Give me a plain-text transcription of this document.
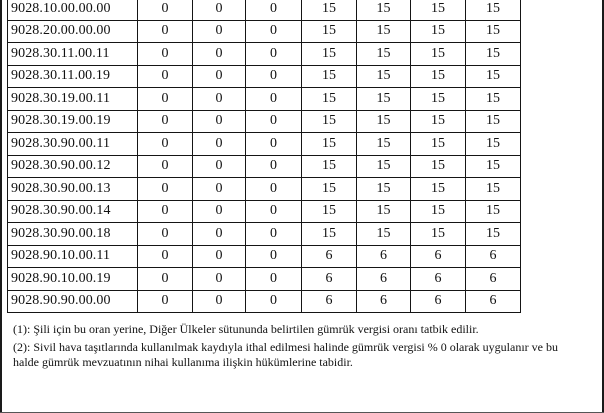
9028.10.00.00.00	0	0	0	15	15	15	15
9028.20.00.00.00	0	0	0	15	15	15	15
9028.30.11.00.11	0	0	0	15	15	15	15
9028.30.11.00.19	0	0	0	15	15	15	15
9028.30.19.00.11	0	0	0	15	15	15	15
9028.30.19.00.19	0	0	0	15	15	15	15
9028.30.90.00.11	0	0	0	15	15	15	15
9028.30.90.00.12	0	0	0	15	15	15	15
9028.30.90.00.13	0	0	0	15	15	15	15
9028.30.90.00.14	0	0	0	15	15	15	15
9028.30.90.00.18	0	0	0	15	15	15	15
9028.90.10.00.11	0	0	0	6	6	6	6
9028.90.10.00.19	0	0	0	6	6	6	6
9028.90.90.00.00	0	0	0	6	6	6	6

(1): Şili için bu oran yerine, Diğer Ülkeler sütununda belirtilen gümrük vergisi oranı tatbik edilir.

(2): Sivil hava taşıtlarında kullanılmak kaydıyla ithal edilmesi halinde gümrük vergisi % 0 olarak uygulanır ve bu

halde gümrük mevzuatının nihai kullanıma ilişkin hükümlerine tabidir.
